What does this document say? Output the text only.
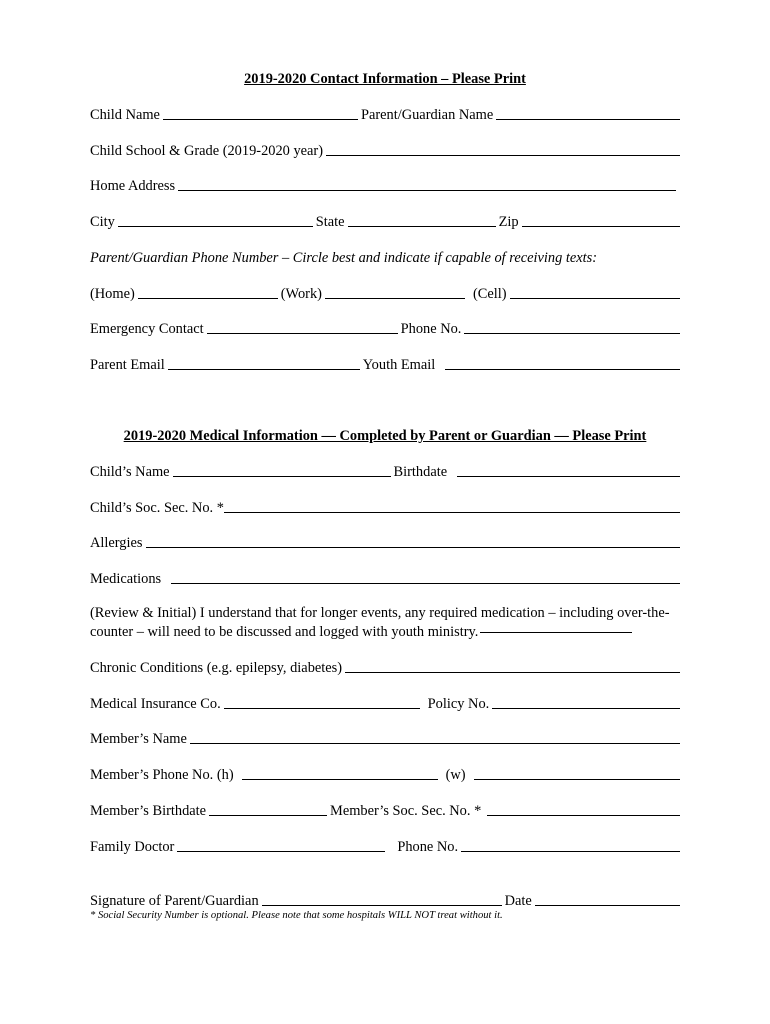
2019-2020 Contact Information – Please Print
Child Name	Parent/Guardian Name
Child School & Grade (2019-2020 year)
Home Address
City	State	Zip
Parent/Guardian Phone Number – Circle best and indicate if capable of receiving texts:
(Home)	(Work)	(Cell)
Emergency Contact	Phone No.
Parent Email	Youth Email
2019-2020 Medical Information — Completed by Parent or Guardian — Please Print
Child’s Name	Birthdate
Child’s Soc. Sec. No. *
Allergies
Medications
(Review & Initial) I understand that for longer events, any required medication – including over-the-counter – will need to be discussed and logged with youth ministry.
Chronic Conditions (e.g. epilepsy, diabetes)
Medical Insurance Co.	Policy No.
Member’s Name
Member’s Phone No. (h)	(w)
Member’s Birthdate	Member’s Soc. Sec. No. *
Family Doctor	Phone No.
Signature of Parent/Guardian	Date
* Social Security Number is optional. Please note that some hospitals WILL NOT treat without it.
